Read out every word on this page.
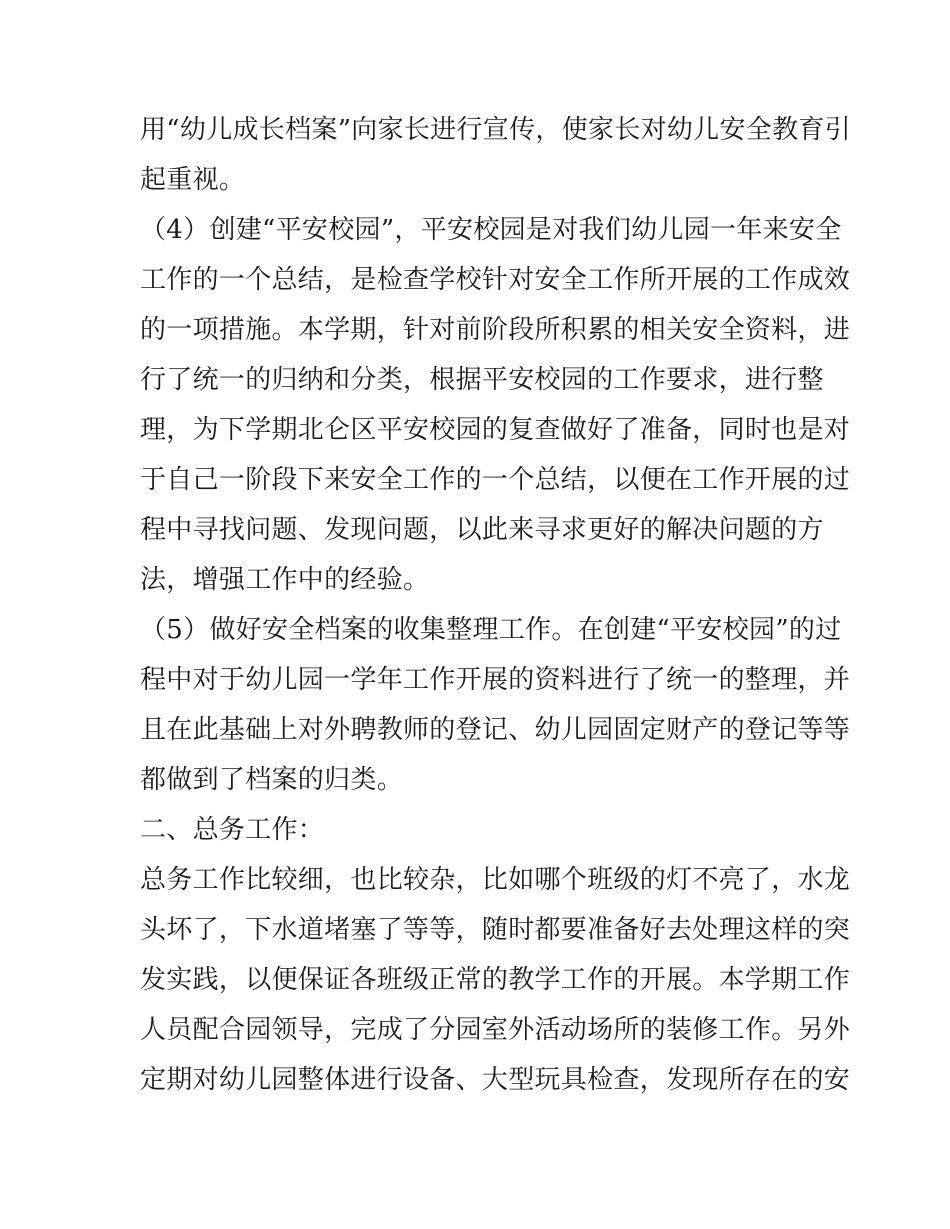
用“幼儿成长档案”向家长进行宣传，使家长对幼儿安全教育引
起重视。
（4）创建“平安校园”，平安校园是对我们幼儿园一年来安全
工作的一个总结，是检查学校针对安全工作所开展的工作成效
的一项措施。本学期，针对前阶段所积累的相关安全资料，进
行了统一的归纳和分类，根据平安校园的工作要求，进行整
理，为下学期北仑区平安校园的复查做好了准备，同时也是对
于自己一阶段下来安全工作的一个总结，以便在工作开展的过
程中寻找问题、发现问题，以此来寻求更好的解决问题的方
法，增强工作中的经验。
（5）做好安全档案的收集整理工作。在创建“平安校园”的过
程中对于幼儿园一学年工作开展的资料进行了统一的整理，并
且在此基础上对外聘教师的登记、幼儿园固定财产的登记等等
都做到了档案的归类。
二、总务工作：
总务工作比较细，也比较杂，比如哪个班级的灯不亮了，水龙
头坏了，下水道堵塞了等等，随时都要准备好去处理这样的突
发实践，以便保证各班级正常的教学工作的开展。本学期工作
人员配合园领导，完成了分园室外活动场所的装修工作。另外
定期对幼儿园整体进行设备、大型玩具检查，发现所存在的安
